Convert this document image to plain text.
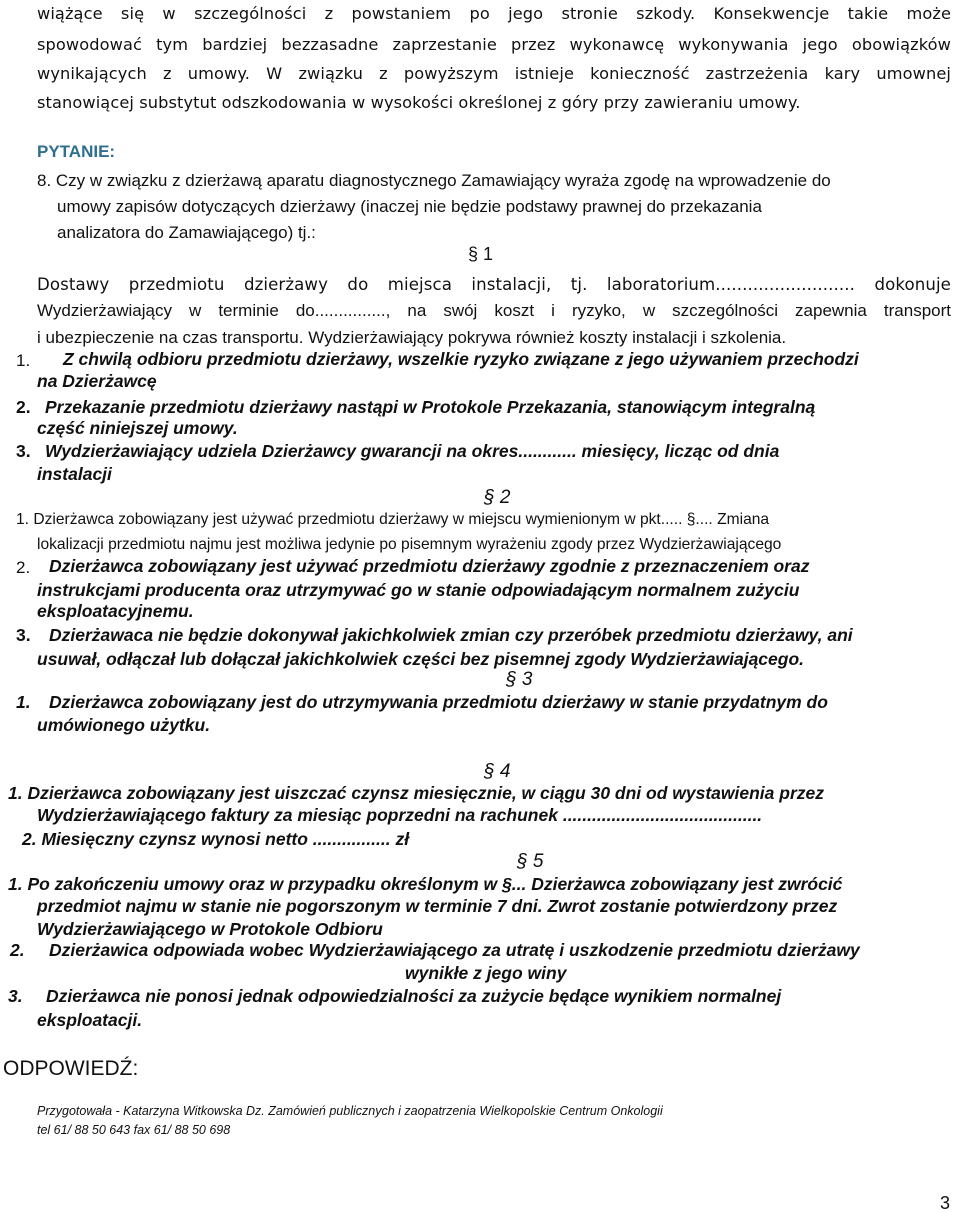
wiążące się w szczególności z powstaniem po jego stronie szkody. Konsekwencje takie może
spowodować tym bardziej bezzasadne zaprzestanie przez wykonawcę wykonywania jego obowiązków
wynikających z umowy. W związku z powyższym istnieje konieczność zastrzeżenia kary umownej
stanowiącej substytut odszkodowania w wysokości określonej z góry przy zawieraniu umowy.
PYTANIE:
8. Czy w związku z dzierżawą aparatu diagnostycznego Zamawiający wyraża zgodę na wprowadzenie do
umowy zapisów dotyczących dzierżawy (inaczej nie będzie podstawy prawnej do przekazania
analizatora do Zamawiającego) tj.:
§ 1
Dostawy przedmiotu dzierżawy do miejsca instalacji, tj. laboratorium.......................... dokonuje
Wydzierżawiający w terminie do..............., na swój koszt i ryzyko, w szczególności zapewnia transport
i ubezpieczenie na czas transportu. Wydzierżawiający pokrywa również koszty instalacji i szkolenia.
1. Z chwilą odbioru przedmiotu dzierżawy, wszelkie ryzyko związane z jego używaniem przechodzi
na Dzierżawcę
2. Przekazanie przedmiotu dzierżawy nastąpi w Protokole Przekazania, stanowiącym integralną
część niniejszej umowy.
3. Wydzierżawiający udziela Dzierżawcy gwarancji na okres............ miesięcy, licząc od dnia
instalacji
§ 2
1. Dzierżawca zobowiązany jest używać przedmiotu dzierżawy w miejscu wymienionym w pkt..... §.... Zmiana
lokalizacji przedmiotu najmu jest możliwa jedynie po pisemnym wyrażeniu zgody przez Wydzierżawiającego
2. Dzierżawca zobowiązany jest używać przedmiotu dzierżawy zgodnie z przeznaczeniem oraz
instrukcjami producenta oraz utrzymywać go w stanie odpowiadającym normalnem zużyciu
eksploatacyjnemu.
3. Dzierżawaca nie będzie dokonywał jakichkolwiek zmian czy przeróbek przedmiotu dzierżawy, ani
usuwał, odłączał lub dołączał jakichkolwiek części bez pisemnej zgody Wydzierżawiającego.
§ 3
1. Dzierżawca zobowiązany jest do utrzymywania przedmiotu dzierżawy w stanie przydatnym do
umówionego użytku.
§ 4
1. Dzierżawca zobowiązany jest uiszczać czynsz miesięcznie, w ciągu 30 dni od wystawienia przez
Wydzierżawiającego faktury za miesiąc poprzedni na rachunek .........................................
2. Miesięczny czynsz wynosi netto ................ zł
§ 5
1. Po zakończeniu umowy oraz w przypadku określonym w §... Dzierżawca zobowiązany jest zwrócić
przedmiot najmu w stanie nie pogorszonym w terminie 7 dni. Zwrot zostanie potwierdzony przez
Wydzierżawiającego w Protokole Odbioru
2. Dzierżawica odpowiada wobec Wydzierżawiającego za utratę i uszkodzenie przedmiotu dzierżawy
wynikłe z jego winy
3. Dzierżawca nie ponosi jednak odpowiedzialności za zużycie będące wynikiem normalnej
eksploatacji.
ODPOWIEDŹ:
Przygotowała - Katarzyna Witkowska Dz. Zamówień publicznych i zaopatrzenia Wielkopolskie Centrum Onkologii
tel 61/ 88 50 643 fax 61/ 88 50 698
3
